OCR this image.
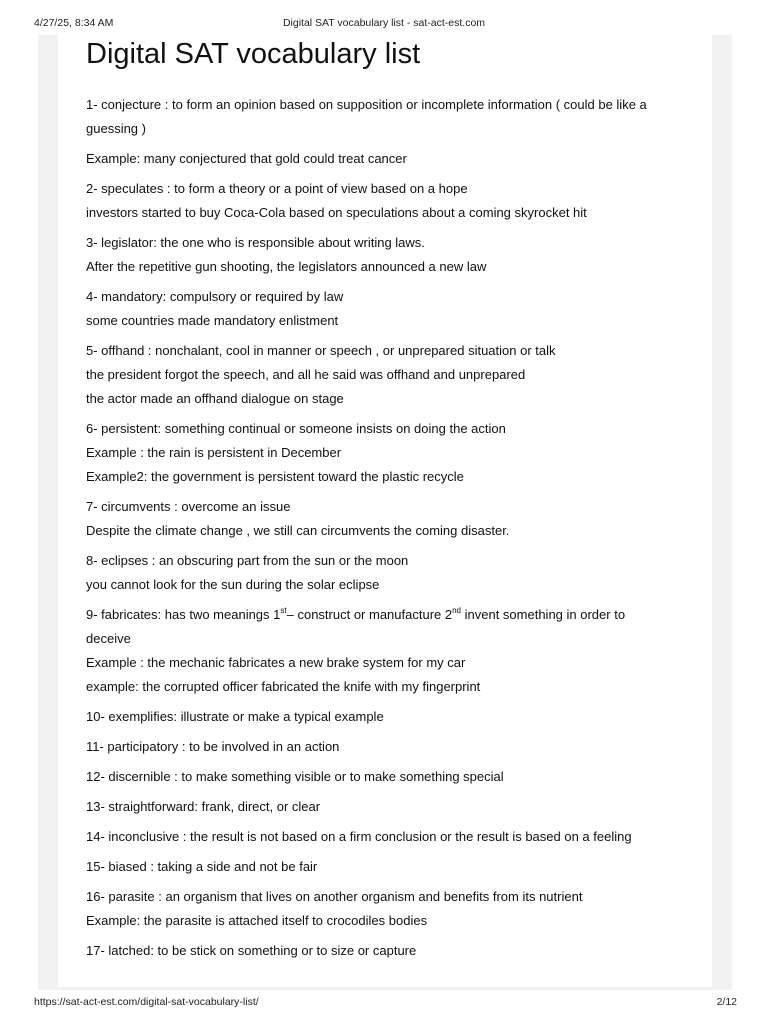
4/27/25, 8:34 AM	Digital SAT vocabulary list - sat-act-est.com
Digital SAT vocabulary list
1- conjecture : to form an opinion based on supposition or incomplete information ( could be like a
guessing )
Example: many conjectured that gold could treat cancer
2- speculates : to form a theory or a point of view based on a hope
investors started to buy Coca-Cola based on speculations about a coming skyrocket hit
3- legislator: the one who is responsible about writing laws.
After the repetitive gun shooting, the legislators announced a new law
4- mandatory: compulsory or required by law
some countries made mandatory enlistment
5- offhand : nonchalant, cool in manner or speech , or unprepared situation or talk
the president forgot the speech, and all he said was offhand and unprepared
the actor made an offhand dialogue on stage
6- persistent: something continual or someone insists on doing the action
Example : the rain is persistent in December
Example2: the government is persistent toward the plastic recycle
7- circumvents : overcome an issue
Despite the climate change , we still can circumvents the coming disaster.
8- eclipses : an obscuring part from the sun or the moon
you cannot look for the sun during the solar eclipse
9- fabricates: has two meanings 1st– construct or manufacture 2nd invent something in order to
deceive
Example : the mechanic fabricates a new brake system for my car
example: the corrupted officer fabricated the knife with my fingerprint
10- exemplifies: illustrate or make a typical example
11- participatory : to be involved in an action
12- discernible : to make something visible or to make something special
13- straightforward: frank, direct, or clear
14- inconclusive : the result is not based on a firm conclusion or the result is based on a feeling
15- biased : taking a side and not be fair
16- parasite : an organism that lives on another organism and benefits from its nutrient
Example: the parasite is attached itself to crocodiles bodies
17- latched: to be stick on something or to size or capture
https://sat-act-est.com/digital-sat-vocabulary-list/	2/12
